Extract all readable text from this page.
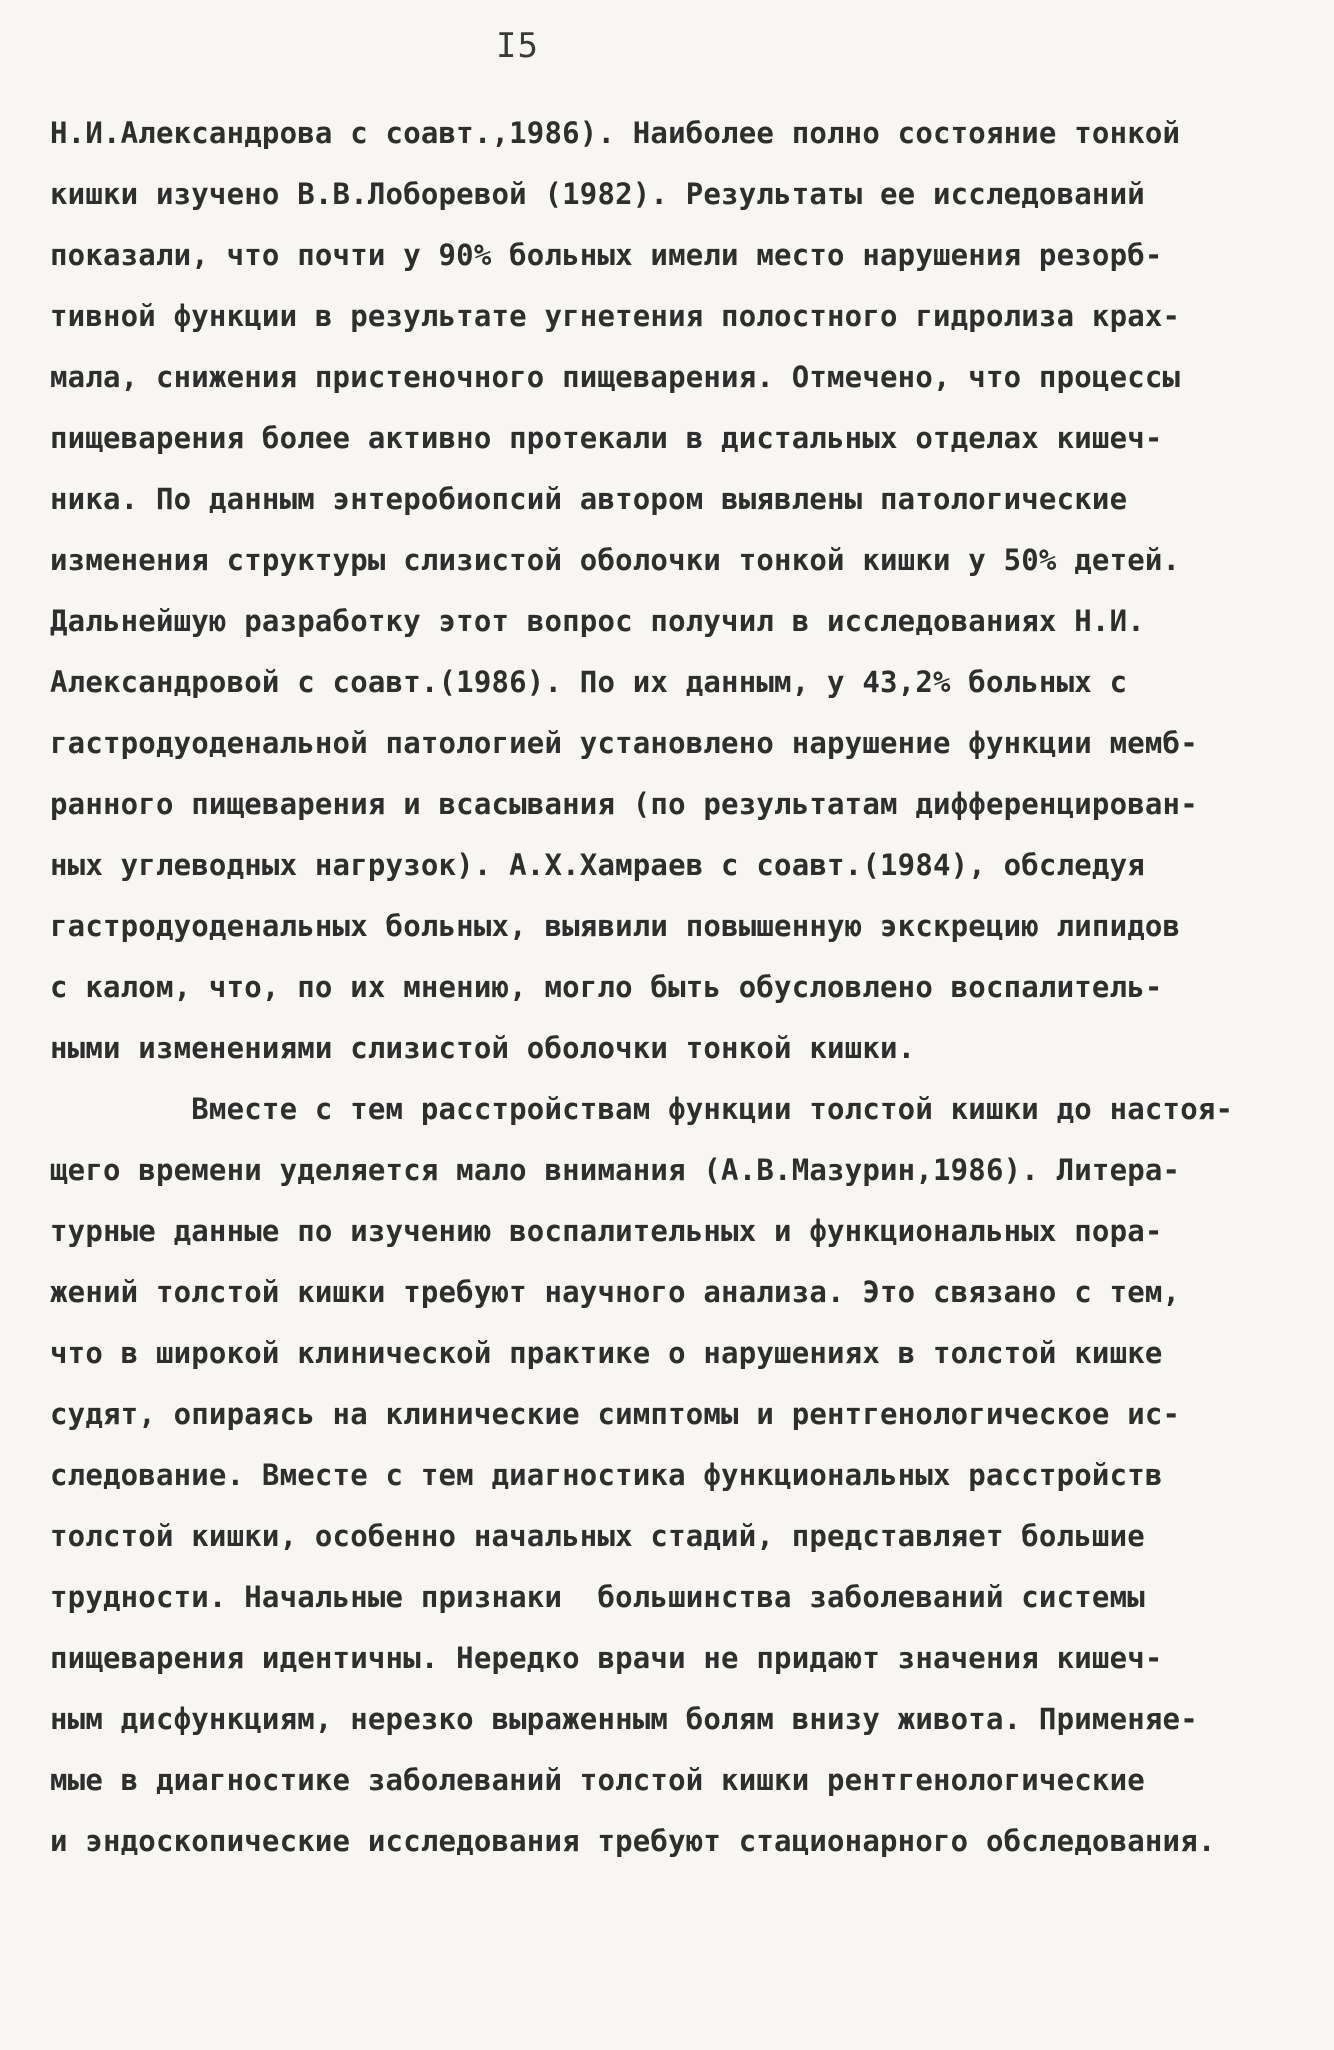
I5
Н.И.Александрова с соавт.,1986). Наиболее полно состояние тонкой
кишки изучено В.В.Лоборевой (1982). Результаты ее исследований
показали, что почти у 90% больных имели место нарушения резорб-
тивной функции в результате угнетения полостного гидролиза крах-
мала, снижения пристеночного пищеварения. Отмечено, что процессы
пищеварения более активно протекали в дистальных отделах кишеч-
ника. По данным энтеробиопсий автором выявлены патологические
изменения структуры слизистой оболочки тонкой кишки у 50% детей.
Дальнейшую разработку этот вопрос получил в исследованиях Н.И.
Александровой с соавт.(1986). По их данным, у 43,2% больных с
гастродуоденальной патологией установлено нарушение функции мемб-
ранного пищеварения и всасывания (по результатам дифференцирован-
ных углеводных нагрузок). А.Х.Хамраев с соавт.(1984), обследуя
гастродуоденальных больных, выявили повышенную экскрецию липидов
с калом, что, по их мнению, могло быть обусловлено воспалитель-
ными изменениями слизистой оболочки тонкой кишки.
Вместе с тем расстройствам функции толстой кишки до настоя-
щего времени уделяется мало внимания (А.В.Мазурин,1986). Литера-
турные данные по изучению воспалительных и функциональных пора-
жений толстой кишки требуют научного анализа. Это связано с тем,
что в широкой клинической практике о нарушениях в толстой кишке
судят, опираясь на клинические симптомы и рентгенологическое ис-
следование. Вместе с тем диагностика функциональных расстройств
толстой кишки, особенно начальных стадий, представляет большие
трудности. Начальные признаки  большинства заболеваний системы
пищеварения идентичны. Нередко врачи не придают значения кишеч-
ным дисфункциям, нерезко выраженным болям внизу живота. Применяе-
мые в диагностике заболеваний толстой кишки рентгенологические
и эндоскопические исследования требуют стационарного обследования.
